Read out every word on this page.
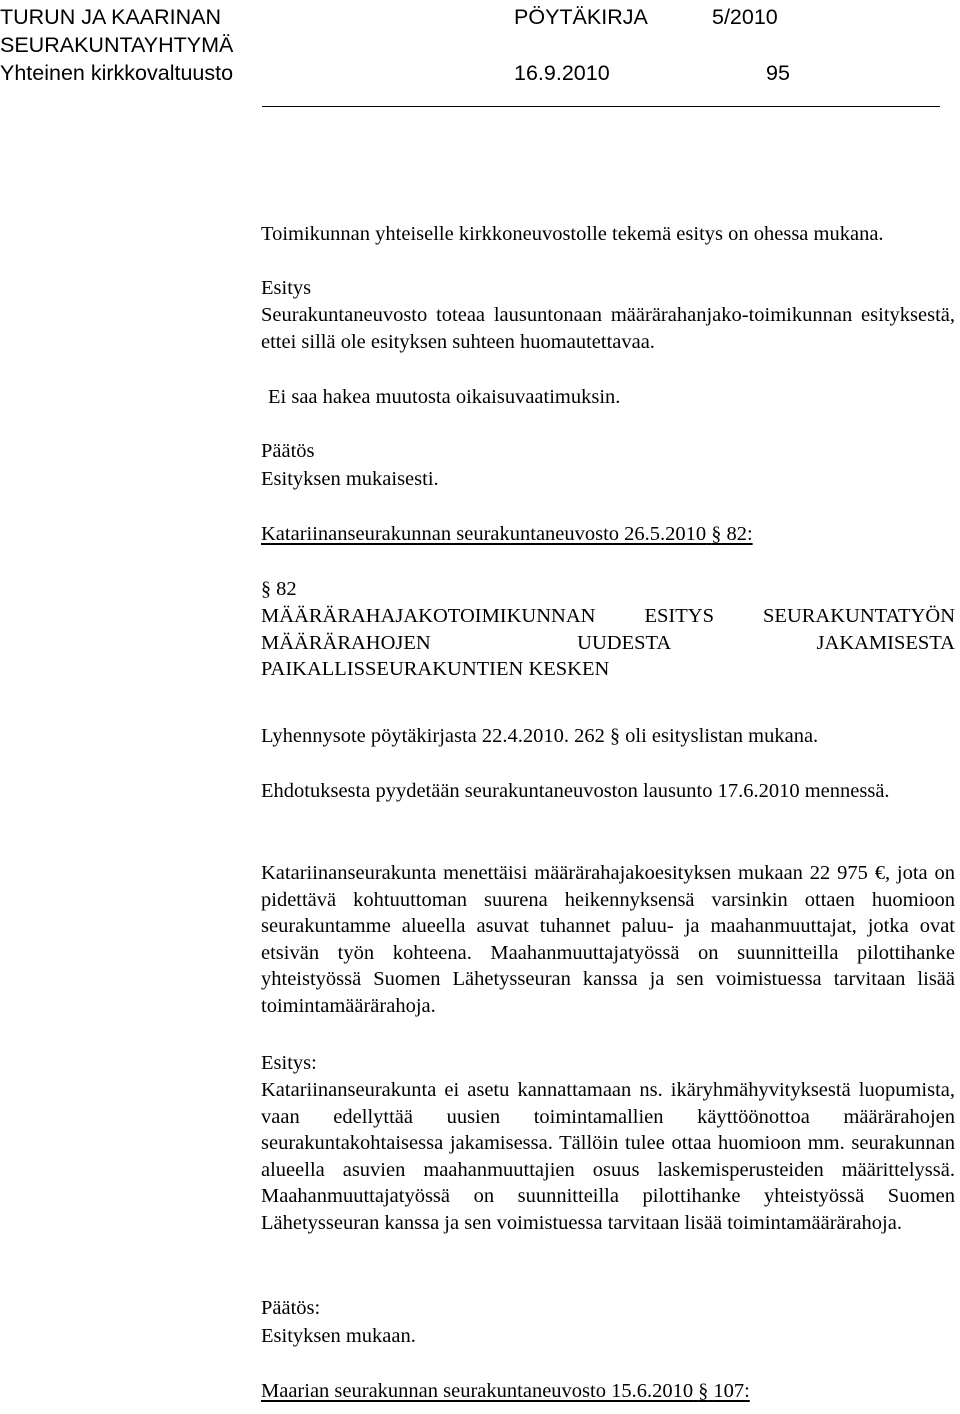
TURUN JA KAARINAN	PÖYTÄKIRJA	5/2010
SEURAKUNTAYHTYMÄ
Yhteinen kirkkovaltuusto	16.9.2010	95

Toimikunnan yhteiselle kirkkoneuvostolle tekemä esitys on ohessa mukana.

Esitys

Seurakuntaneuvosto toteaa lausuntonaan määrärahanjako-toimikunnan esityksestä, ettei sillä ole esityksen suhteen huomautettavaa.

Ei saa hakea muutosta oikaisuvaatimuksin.

Päätös

Esityksen mukaisesti.

Katariinanseurakunnan seurakuntaneuvosto 26.5.2010 § 82:

§ 82

MÄÄRÄRAHAJAKOTOIMIKUNNAN ESITYS SEURAKUNTATYÖN
MÄÄRÄRAHOJEN UUDESTA JAKAMISESTA
PAIKALLISSEURAKUNTIEN KESKEN

Lyhennysote pöytäkirjasta 22.4.2010. 262 § oli esityslistan mukana.

Ehdotuksesta pyydetään seurakuntaneuvoston lausunto 17.6.2010 mennessä.

Katariinanseurakunta menettäisi määrärahajakoesityksen mukaan 22 975 €, jota on pidettävä kohtuuttoman suurena heikennyksensä varsinkin ottaen huomioon seurakuntamme alueella asuvat tuhannet paluu- ja maahanmuuttajat, jotka ovat etsivän työn kohteena. Maahanmuuttajatyössä on suunnitteilla pilottihanke yhteistyössä Suomen Lähetysseuran kanssa ja sen voimistuessa tarvitaan lisää toimintamäärärahoja.

Esitys:

Katariinanseurakunta ei asetu kannattamaan ns. ikäryhmähyvityksestä luopumista, vaan edellyttää uusien toimintamallien käyttöönottoa määrärahojen seurakuntakohtaisessa jakamisessa. Tällöin tulee ottaa huomioon mm. seurakunnan alueella asuvien maahanmuuttajien osuus laskemisperusteiden määrittelyssä. Maahanmuuttajatyössä on suunnitteilla pilottihanke yhteistyössä Suomen Lähetysseuran kanssa ja sen voimistuessa tarvitaan lisää toimintamäärärahoja.

Päätös:

Esityksen mukaan.

Maarian seurakunnan seurakuntaneuvosto 15.6.2010 § 107:
